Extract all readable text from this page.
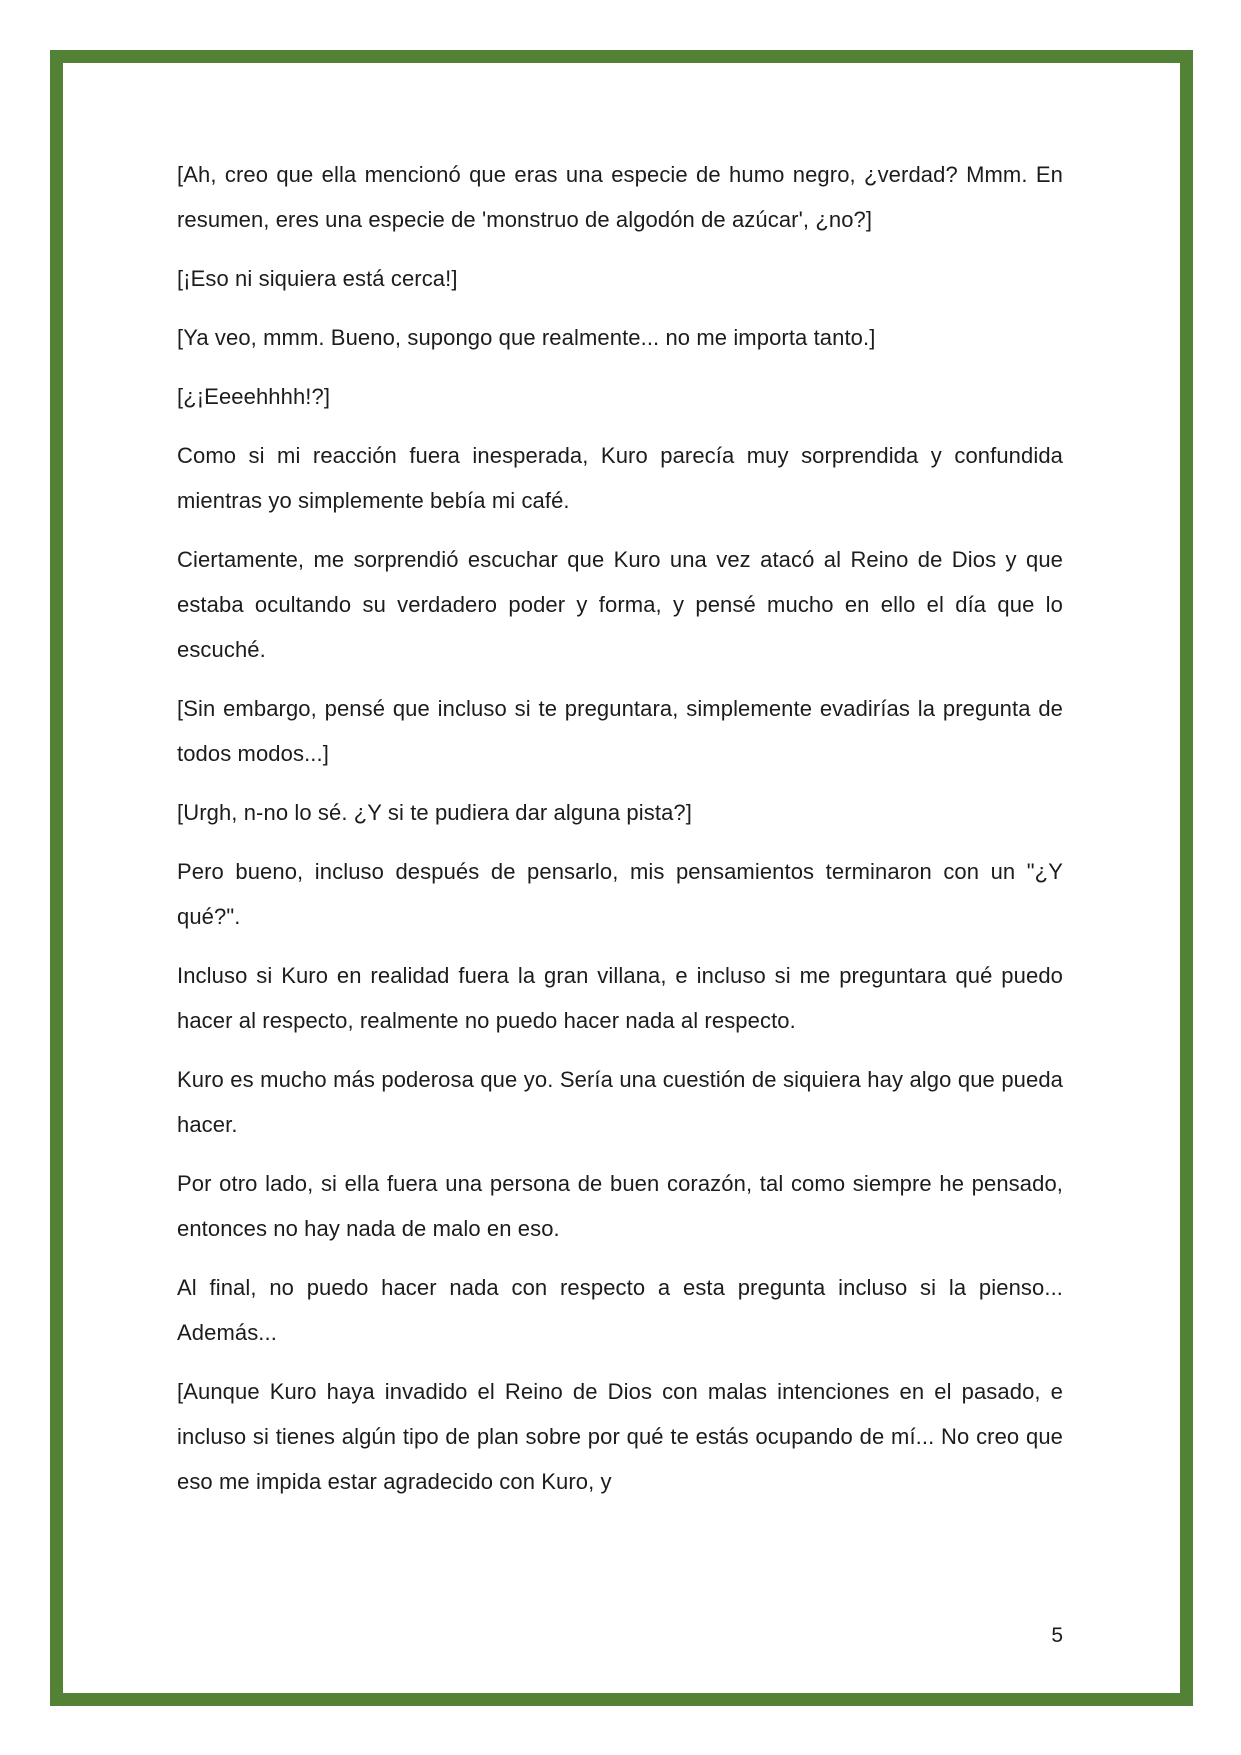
[Ah, creo que ella mencionó que eras una especie de humo negro, ¿verdad? Mmm. En resumen, eres una especie de 'monstruo de algodón de azúcar', ¿no?]

[¡Eso ni siquiera está cerca!]

[Ya veo, mmm. Bueno, supongo que realmente... no me importa tanto.]

[¿¡Eeeehhhh!?]

Como si mi reacción fuera inesperada, Kuro parecía muy sorprendida y confundida mientras yo simplemente bebía mi café.

Ciertamente, me sorprendió escuchar que Kuro una vez atacó al Reino de Dios y que estaba ocultando su verdadero poder y forma, y pensé mucho en ello el día que lo escuché.

[Sin embargo, pensé que incluso si te preguntara, simplemente evadirías la pregunta de todos modos...]

[Urgh, n-no lo sé. ¿Y si te pudiera dar alguna pista?]

Pero bueno, incluso después de pensarlo, mis pensamientos terminaron con un "¿Y qué?".

Incluso si Kuro en realidad fuera la gran villana, e incluso si me preguntara qué puedo hacer al respecto, realmente no puedo hacer nada al respecto.

Kuro es mucho más poderosa que yo. Sería una cuestión de siquiera hay algo que pueda hacer.

Por otro lado, si ella fuera una persona de buen corazón, tal como siempre he pensado, entonces no hay nada de malo en eso.

Al final, no puedo hacer nada con respecto a esta pregunta incluso si la pienso... Además...

[Aunque Kuro haya invadido el Reino de Dios con malas intenciones en el pasado, e incluso si tienes algún tipo de plan sobre por qué te estás ocupando de mí... No creo que eso me impida estar agradecido con Kuro, y

5
